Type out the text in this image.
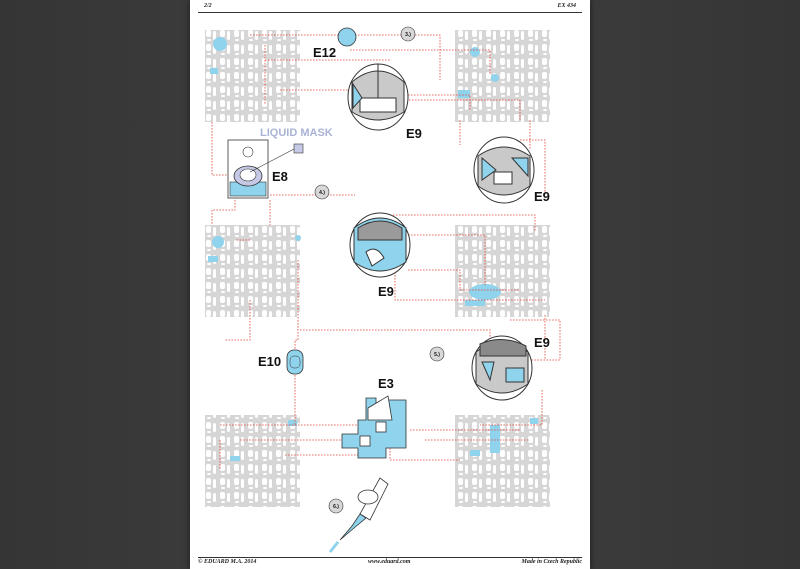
2/2	EX 434
3.)
4.)
5.)
6.)
E12
E9
E9
E9
E9
E8
E10
E3
LIQUID MASK
© EDUARD M.A. 2014	www.eduard.com	Made in Czech Republic
